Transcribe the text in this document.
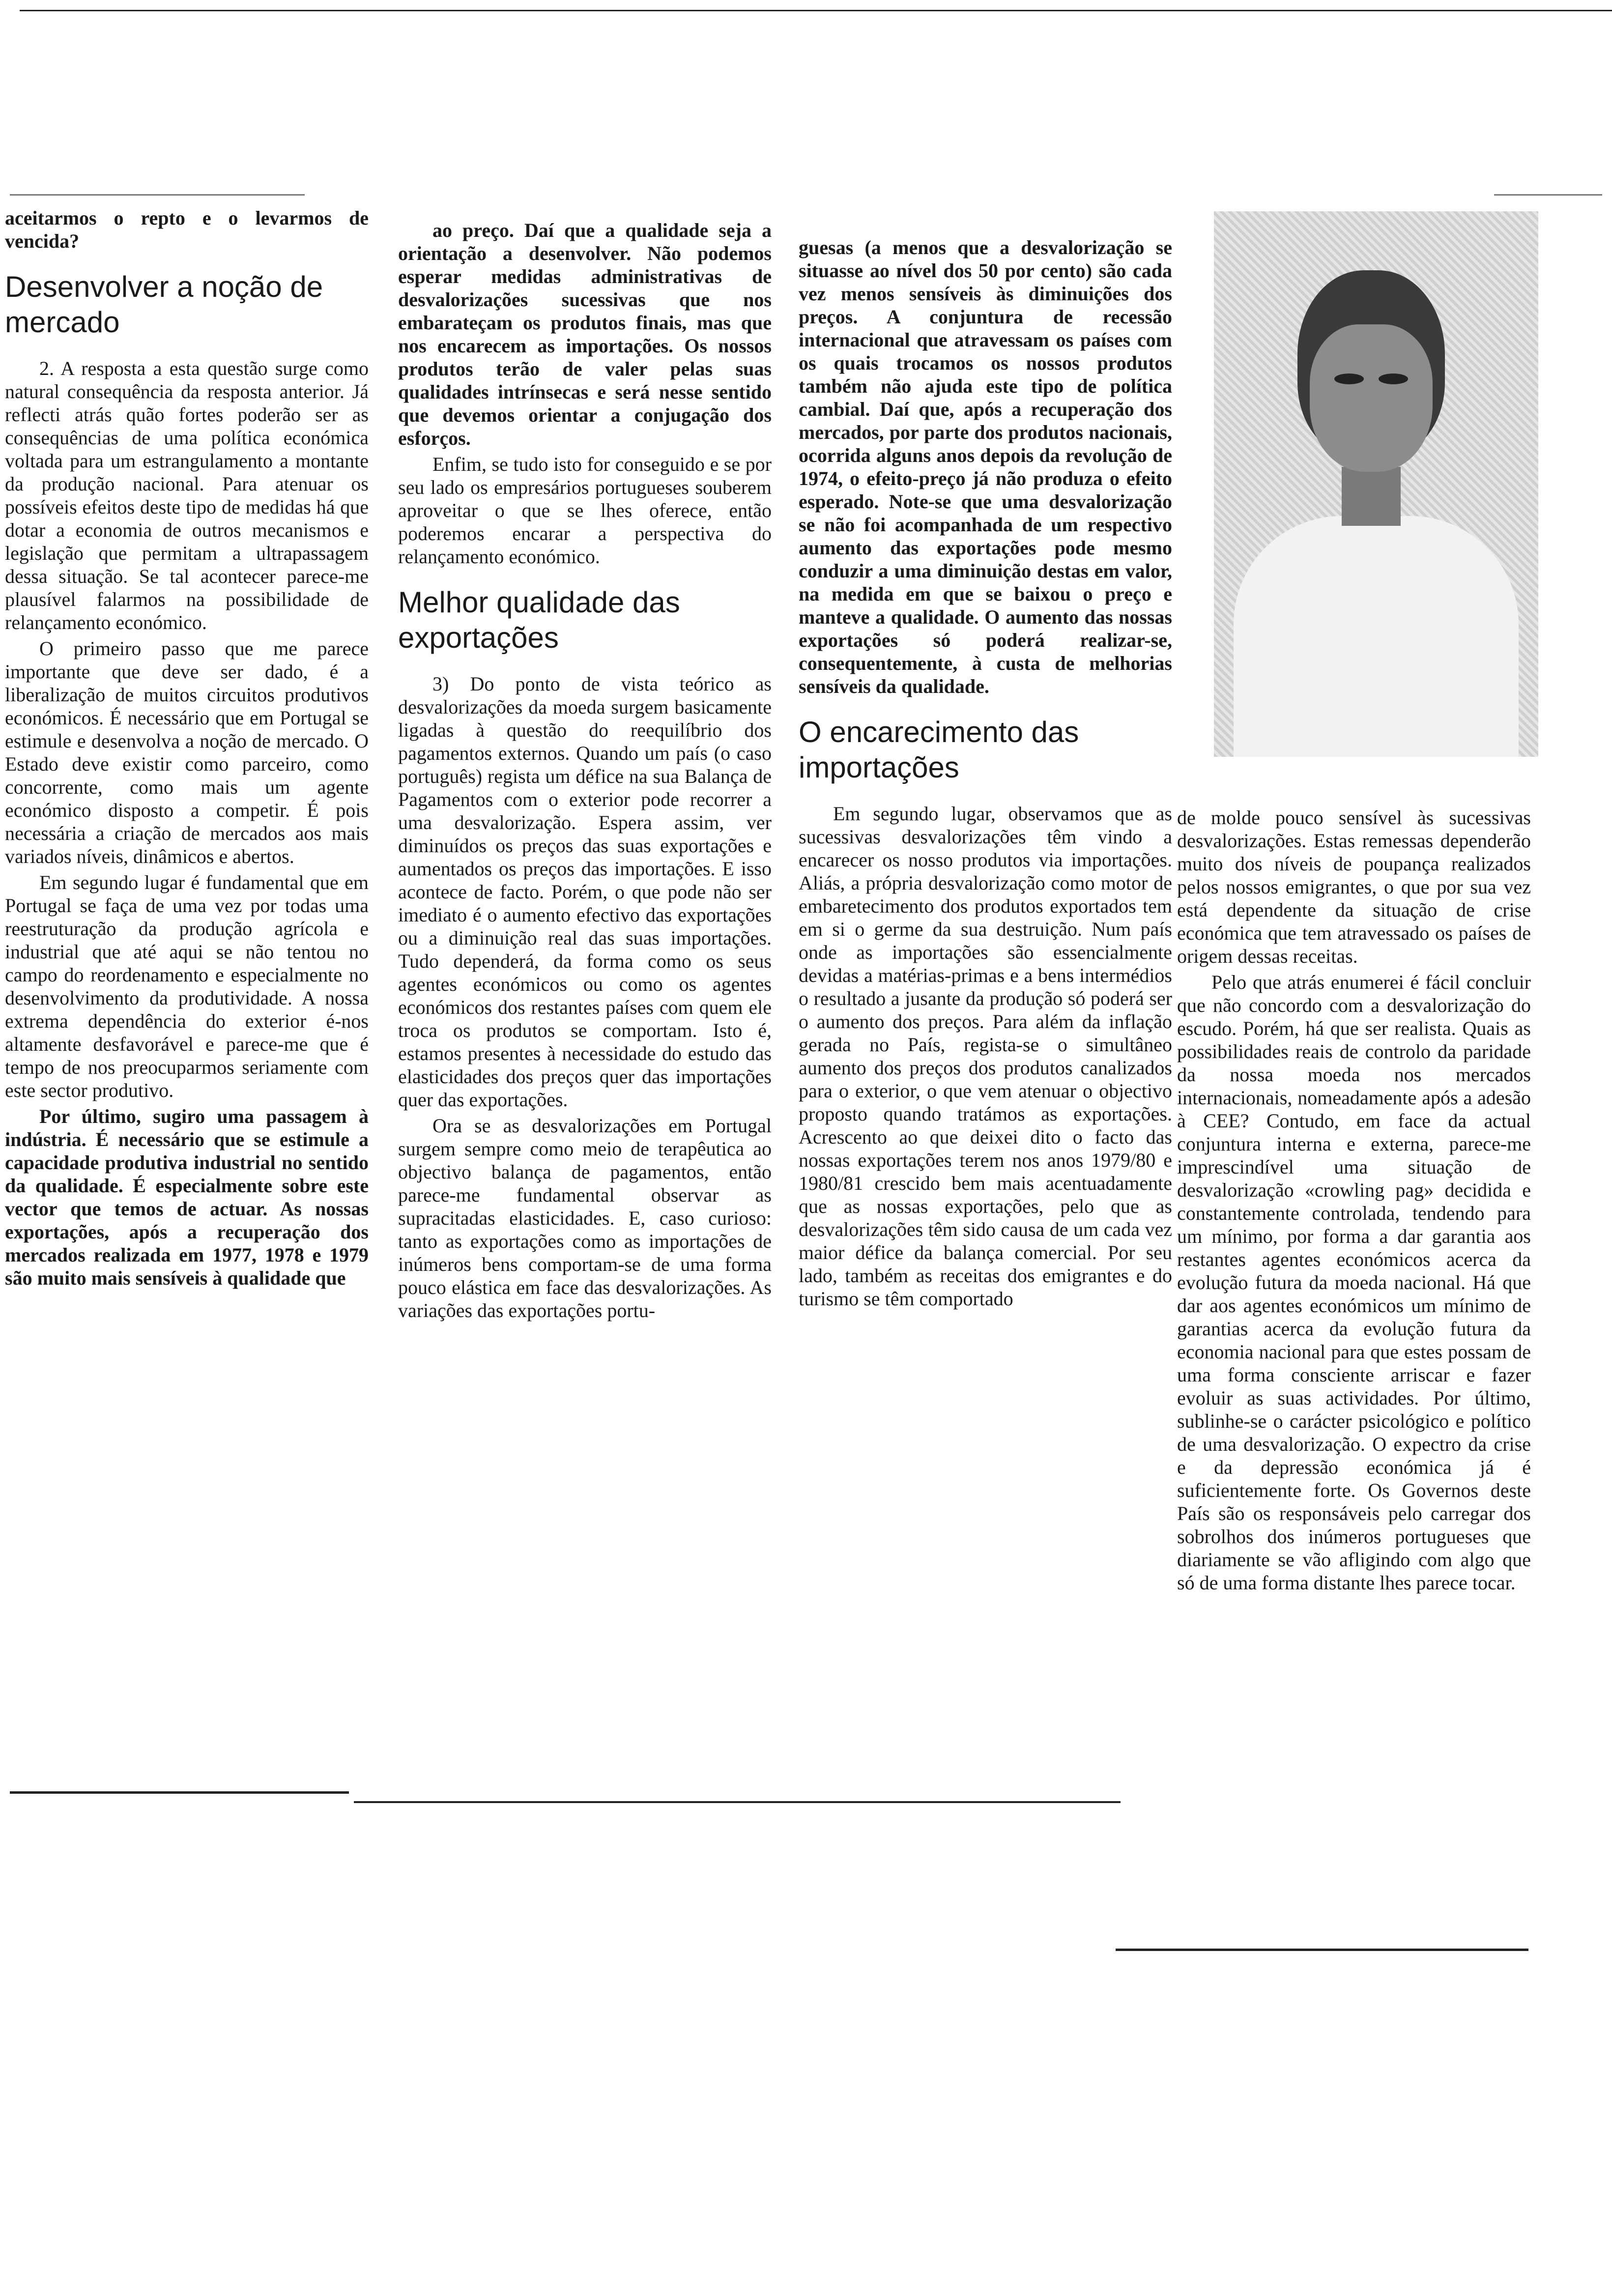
aceitarmos o repto e o levarmos de vencida?

Desenvolver a noção de mercado

2. A resposta a esta questão surge como natural consequência da resposta anterior. Já reflecti atrás quão fortes poderão ser as consequências de uma política económica voltada para um estrangulamento a montante da produção nacional. Para atenuar os possíveis efeitos deste tipo de medidas há que dotar a economia de outros mecanismos e legislação que permitam a ultrapassagem dessa situação. Se tal acontecer parece-me plausível falarmos na possibilidade de relançamento económico.

O primeiro passo que me parece importante que deve ser dado, é a liberalização de muitos circuitos produtivos económicos. É necessário que em Portugal se estimule e desenvolva a noção de mercado. O Estado deve existir como parceiro, como concorrente, como mais um agente económico disposto a competir. É pois necessária a criação de mercados aos mais variados níveis, dinâmicos e abertos.

Em segundo lugar é fundamental que em Portugal se faça de uma vez por todas uma reestruturação da produção agrícola e industrial que até aqui se não tentou no campo do reordenamento e especialmente no desenvolvimento da produtividade. A nossa extrema dependência do exterior é-nos altamente desfavorável e parece-me que é tempo de nos preocuparmos seriamente com este sector produtivo.

Por último, sugiro uma passagem à indústria. É necessário que se estimule a capacidade produtiva industrial no sentido da qualidade. É especialmente sobre este vector que temos de actuar. As nossas exportações, após a recuperação dos mercados realizada em 1977, 1978 e 1979 são muito mais sensíveis à qualidade que

ao preço. Daí que a qualidade seja a orientação a desenvolver. Não podemos esperar medidas administrativas de desvalorizações sucessivas que nos embarateçam os produtos finais, mas que nos encarecem as importações. Os nossos produtos terão de valer pelas suas qualidades intrínsecas e será nesse sentido que devemos orientar a conjugação dos esforços.

Enfim, se tudo isto for conseguido e se por seu lado os empresários portugueses souberem aproveitar o que se lhes oferece, então poderemos encarar a perspectiva do relançamento económico.

Melhor qualidade das exportações

3) Do ponto de vista teórico as desvalorizações da moeda surgem basicamente ligadas à questão do reequilíbrio dos pagamentos externos. Quando um país (o caso português) regista um défice na sua Balança de Pagamentos com o exterior pode recorrer a uma desvalorização. Espera assim, ver diminuídos os preços das suas exportações e aumentados os preços das importações. E isso acontece de facto. Porém, o que pode não ser imediato é o aumento efectivo das exportações ou a diminuição real das suas importações. Tudo dependerá, da forma como os seus agentes económicos ou como os agentes económicos dos restantes países com quem ele troca os produtos se comportam. Isto é, estamos presentes à necessidade do estudo das elasticidades dos preços quer das importações quer das exportações.

Ora se as desvalorizações em Portugal surgem sempre como meio de terapêutica ao objectivo balança de pagamentos, então parece-me fundamental observar as supracitadas elasticidades. E, caso curioso: tanto as exportações como as importações de inúmeros bens comportam-se de uma forma pouco elástica em face das desvalorizações. As variações das exportações portu-

guesas (a menos que a desvalorização se situasse ao nível dos 50 por cento) são cada vez menos sensíveis às diminuições dos preços. A conjuntura de recessão internacional que atravessam os países com os quais trocamos os nossos produtos também não ajuda este tipo de política cambial. Daí que, após a recuperação dos mercados, por parte dos produtos nacionais, ocorrida alguns anos depois da revolução de 1974, o efeito-preço já não produza o efeito esperado. Note-se que uma desvalorização se não foi acompanhada de um respectivo aumento das exportações pode mesmo conduzir a uma diminuição destas em valor, na medida em que se baixou o preço e manteve a qualidade. O aumento das nossas exportações só poderá realizar-se, consequentemente, à custa de melhorias sensíveis da qualidade.

O encarecimento das importações

Em segundo lugar, observamos que as sucessivas desvalorizações têm vindo a encarecer os nosso produtos via importações. Aliás, a própria desvalorização como motor de embaretecimento dos produtos exportados tem em si o germe da sua destruição. Num país onde as importações são essencialmente devidas a matérias-primas e a bens intermédios o resultado a jusante da produção só poderá ser o aumento dos preços. Para além da inflação gerada no País, regista-se o simultâneo aumento dos preços dos produtos canalizados para o exterior, o que vem atenuar o objectivo proposto quando tratámos as exportações. Acrescento ao que deixei dito o facto das nossas exportações terem nos anos 1979/80 e 1980/81 crescido bem mais acentuadamente que as nossas exportações, pelo que as desvalorizações têm sido causa de um cada vez maior défice da balança comercial. Por seu lado, também as receitas dos emigrantes e do turismo se têm comportado

de molde pouco sensível às sucessivas desvalorizações. Estas remessas dependerão muito dos níveis de poupança realizados pelos nossos emigrantes, o que por sua vez está dependente da situação de crise económica que tem atravessado os países de origem dessas receitas.

Pelo que atrás enumerei é fácil concluir que não concordo com a desvalorização do escudo. Porém, há que ser realista. Quais as possibilidades reais de controlo da paridade da nossa moeda nos mercados internacionais, nomeadamente após a adesão à CEE? Contudo, em face da actual conjuntura interna e externa, parece-me imprescindível uma situação de desvalorização «crowling pag» decidida e constantemente controlada, tendendo para um mínimo, por forma a dar garantia aos restantes agentes económicos acerca da evolução futura da moeda nacional. Há que dar aos agentes económicos um mínimo de garantias acerca da evolução futura da economia nacional para que estes possam de uma forma consciente arriscar e fazer evoluir as suas actividades. Por último, sublinhe-se o carácter psicológico e político de uma desvalorização. O expectro da crise e da depressão económica já é suficientemente forte. Os Governos deste País são os responsáveis pelo carregar dos sobrolhos dos inúmeros portugueses que diariamente se vão afligindo com algo que só de uma forma distante lhes parece tocar.
